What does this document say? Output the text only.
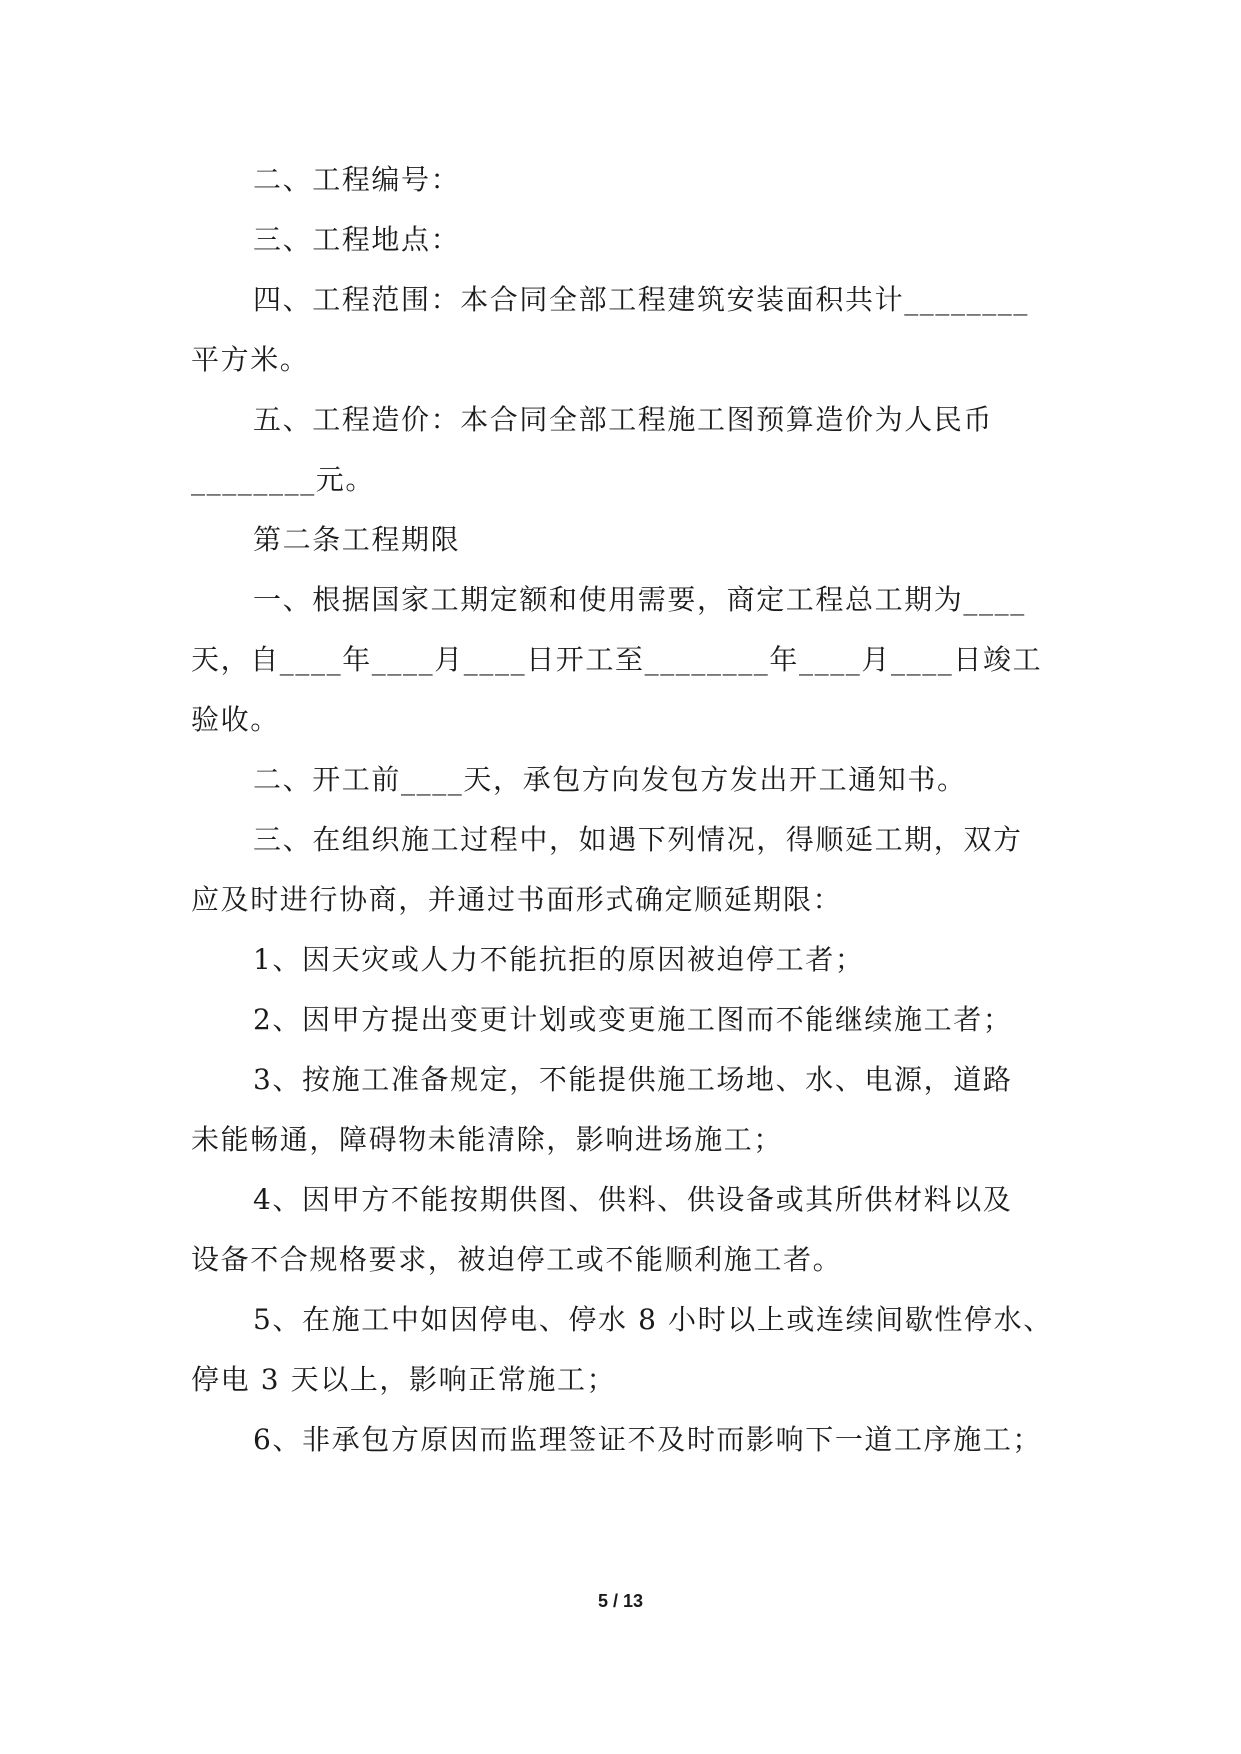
二、工程编号：
三、工程地点：
四、工程范围：本合同全部工程建筑安装面积共计________
平方米。
五、工程造价：本合同全部工程施工图预算造价为人民币
________元。
第二条工程期限
一、根据国家工期定额和使用需要，商定工程总工期为____
天，自____年____月____日开工至________年____月____日竣工
验收。
二、开工前____天，承包方向发包方发出开工通知书。
三、在组织施工过程中，如遇下列情况，得顺延工期，双方
应及时进行协商，并通过书面形式确定顺延期限：
1、因天灾或人力不能抗拒的原因被迫停工者；
2、因甲方提出变更计划或变更施工图而不能继续施工者；
3、按施工准备规定，不能提供施工场地、水、电源，道路
未能畅通，障碍物未能清除，影响进场施工；
4、因甲方不能按期供图、供料、供设备或其所供材料以及
设备不合规格要求，被迫停工或不能顺利施工者。
5、在施工中如因停电、停水 8 小时以上或连续间歇性停水、
停电 3 天以上，影响正常施工；
6、非承包方原因而监理签证不及时而影响下一道工序施工；
5 / 13
